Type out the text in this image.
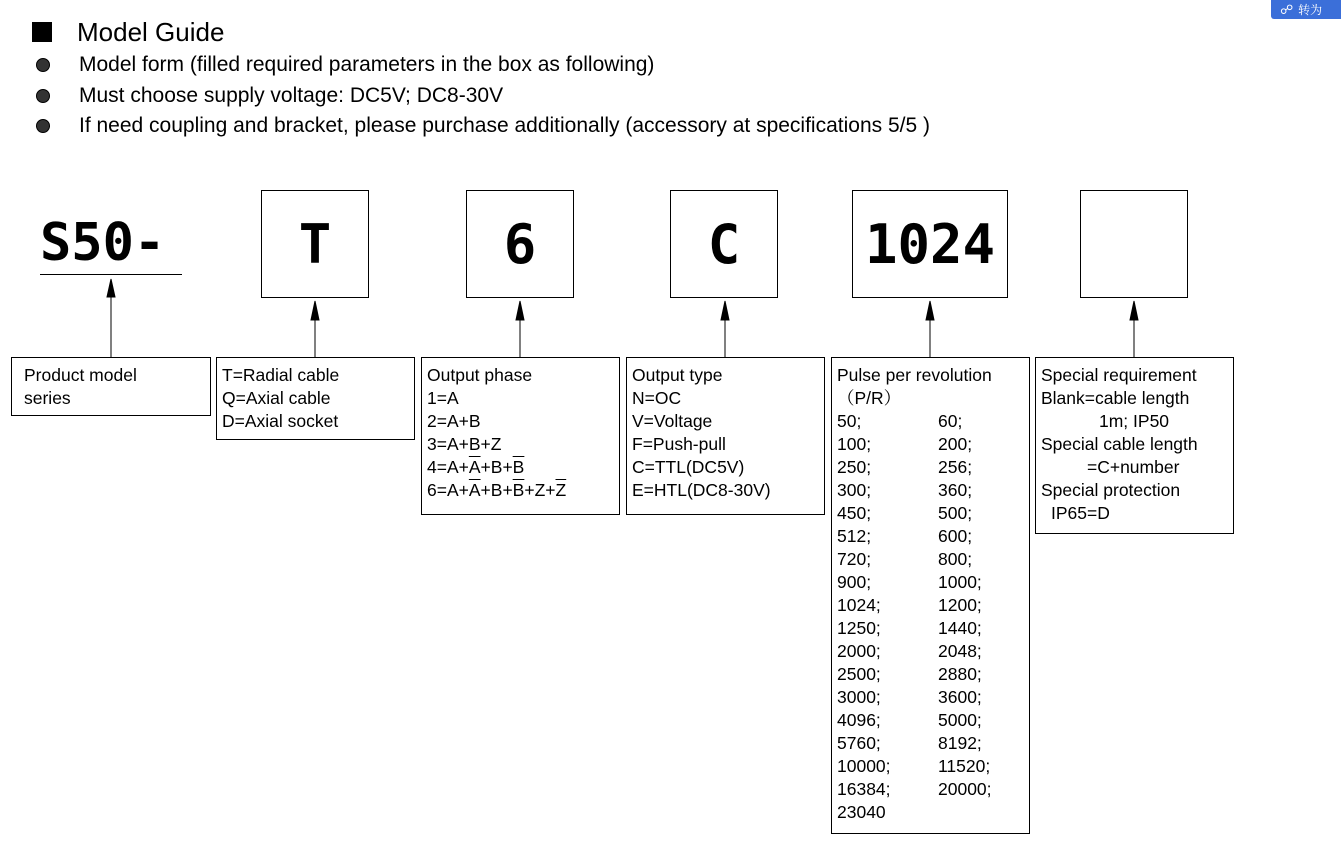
Model Guide
Model form (filled required parameters in the box as following)
Must choose supply voltage: DC5V; DC8-30V
If need coupling and bracket, please purchase additionally (accessory at specifications 5/5 )
S50-	T	6	C	1024
Product model
series
T=Radial cable
Q=Axial cable
D=Axial socket
Output phase
1=A
2=A+B
3=A+B+Z
$4=A+\overline{A}+B+\overline{B}$
$6=A+\overline{A}+B+\overline{B}+Z+\overline{Z}$
Output type
N=OC
V=Voltage
F=Push-pull
C=TTL(DC5V)
E=HTL(DC8-30V)
Pulse per revolution
（P/R）
50;	60;
100;	200;
250;	256;
300;	360;
450;	500;
512;	600;
720;	800;
900;	1000;
1024;	1200;
1250;	1440;
2000;	2048;
2500;	2880;
3000;	3600;
4096;	5000;
5760;	8192;
10000;	11520;
16384;	20000;
23040
Special requirement
Blank=cable length
1m; IP50
Special cable length
=C+number
Special protection
IP65=D
☍ 转为
